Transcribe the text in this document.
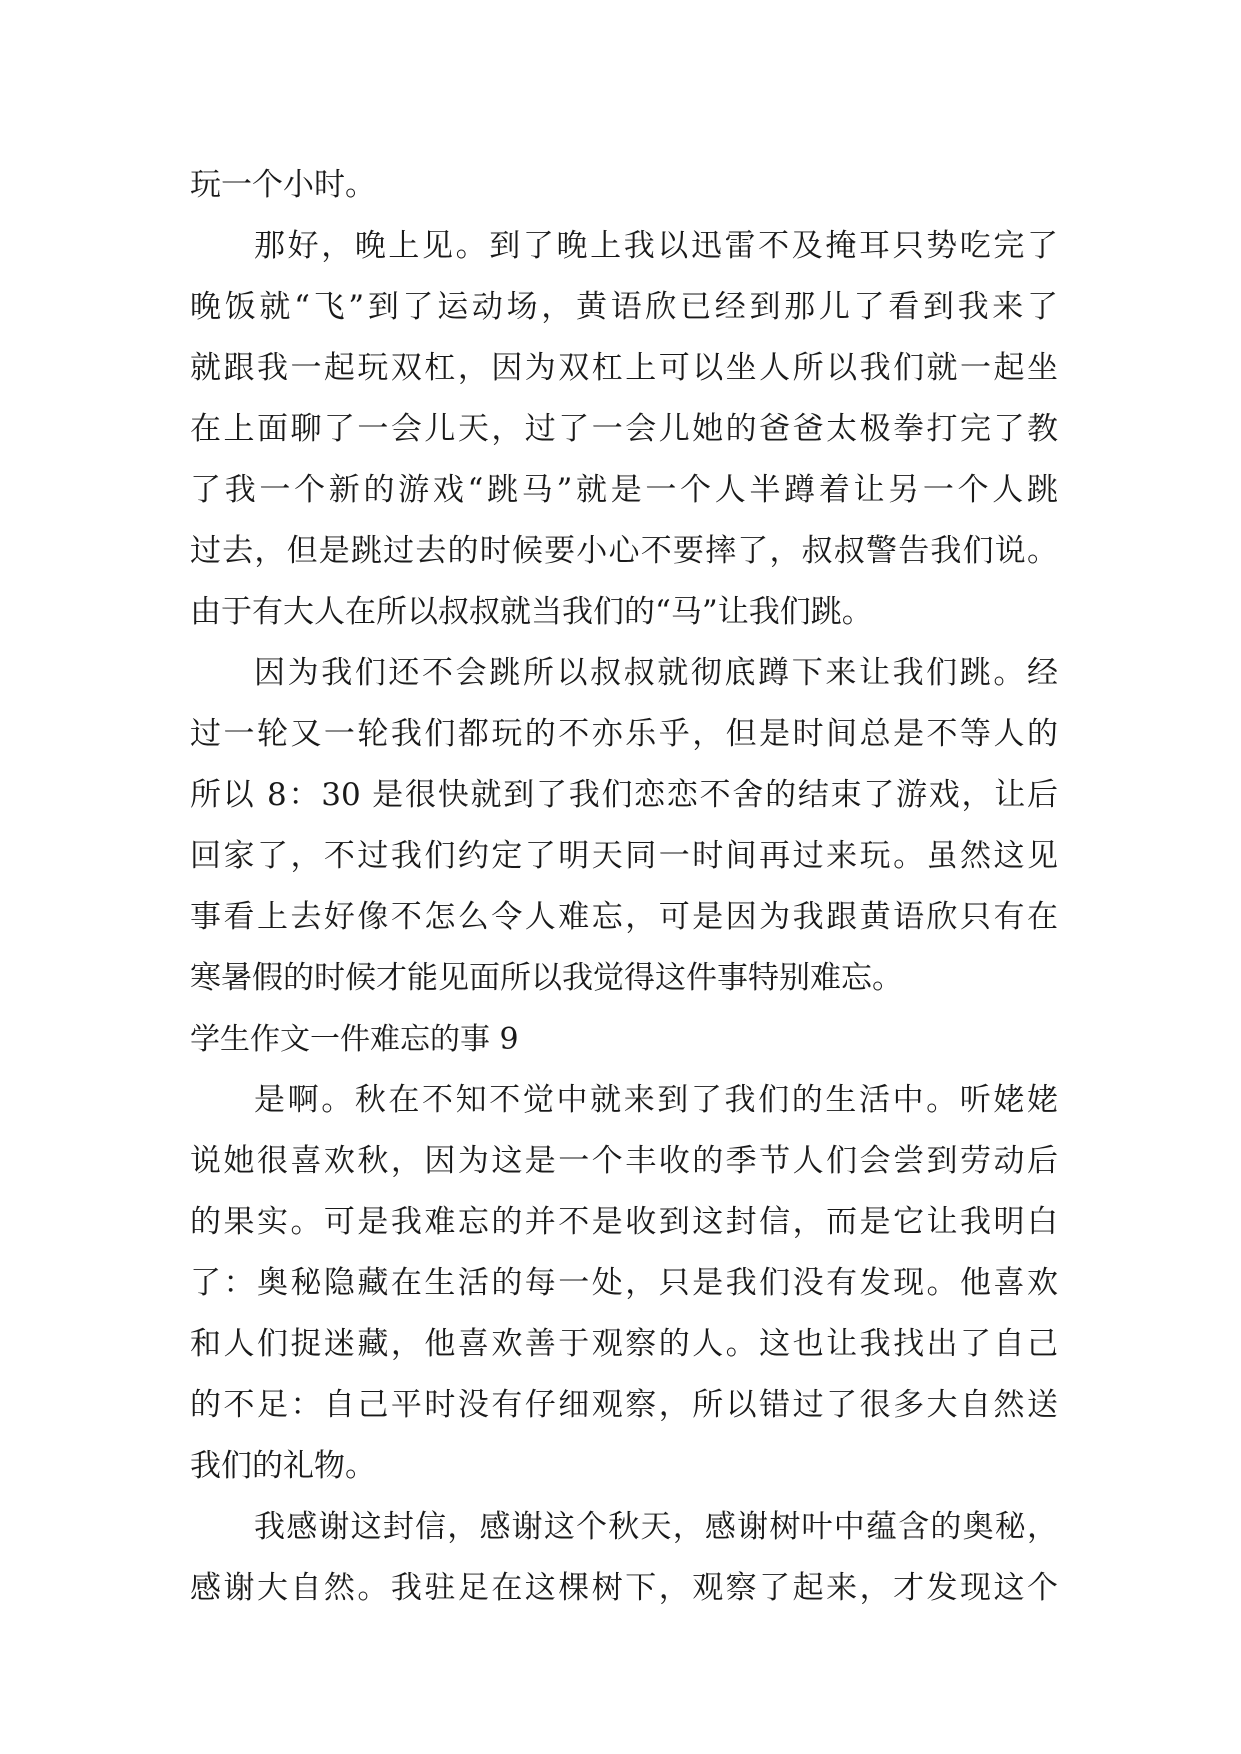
玩一个小时。
那好，晚上见。到了晚上我以迅雷不及掩耳只势吃完了
晚饭就“飞”到了运动场，黄语欣已经到那儿了看到我来了
就跟我一起玩双杠，因为双杠上可以坐人所以我们就一起坐
在上面聊了一会儿天，过了一会儿她的爸爸太极拳打完了教
了我一个新的游戏“跳马”就是一个人半蹲着让另一个人跳
过去，但是跳过去的时候要小心不要摔了，叔叔警告我们说。
由于有大人在所以叔叔就当我们的“马”让我们跳。
因为我们还不会跳所以叔叔就彻底蹲下来让我们跳。经
过一轮又一轮我们都玩的不亦乐乎，但是时间总是不等人的
所以 8：30 是很快就到了我们恋恋不舍的结束了游戏，让后
回家了，不过我们约定了明天同一时间再过来玩。虽然这见
事看上去好像不怎么令人难忘，可是因为我跟黄语欣只有在
寒暑假的时候才能见面所以我觉得这件事特别难忘。
学生作文一件难忘的事 9
是啊。秋在不知不觉中就来到了我们的生活中。听姥姥
说她很喜欢秋，因为这是一个丰收的季节人们会尝到劳动后
的果实。可是我难忘的并不是收到这封信，而是它让我明白
了：奥秘隐藏在生活的每一处，只是我们没有发现。他喜欢
和人们捉迷藏，他喜欢善于观察的人。这也让我找出了自己
的不足：自己平时没有仔细观察，所以错过了很多大自然送
我们的礼物。
我感谢这封信，感谢这个秋天，感谢树叶中蕴含的奥秘，
感谢大自然。我驻足在这棵树下，观察了起来，才发现这个
